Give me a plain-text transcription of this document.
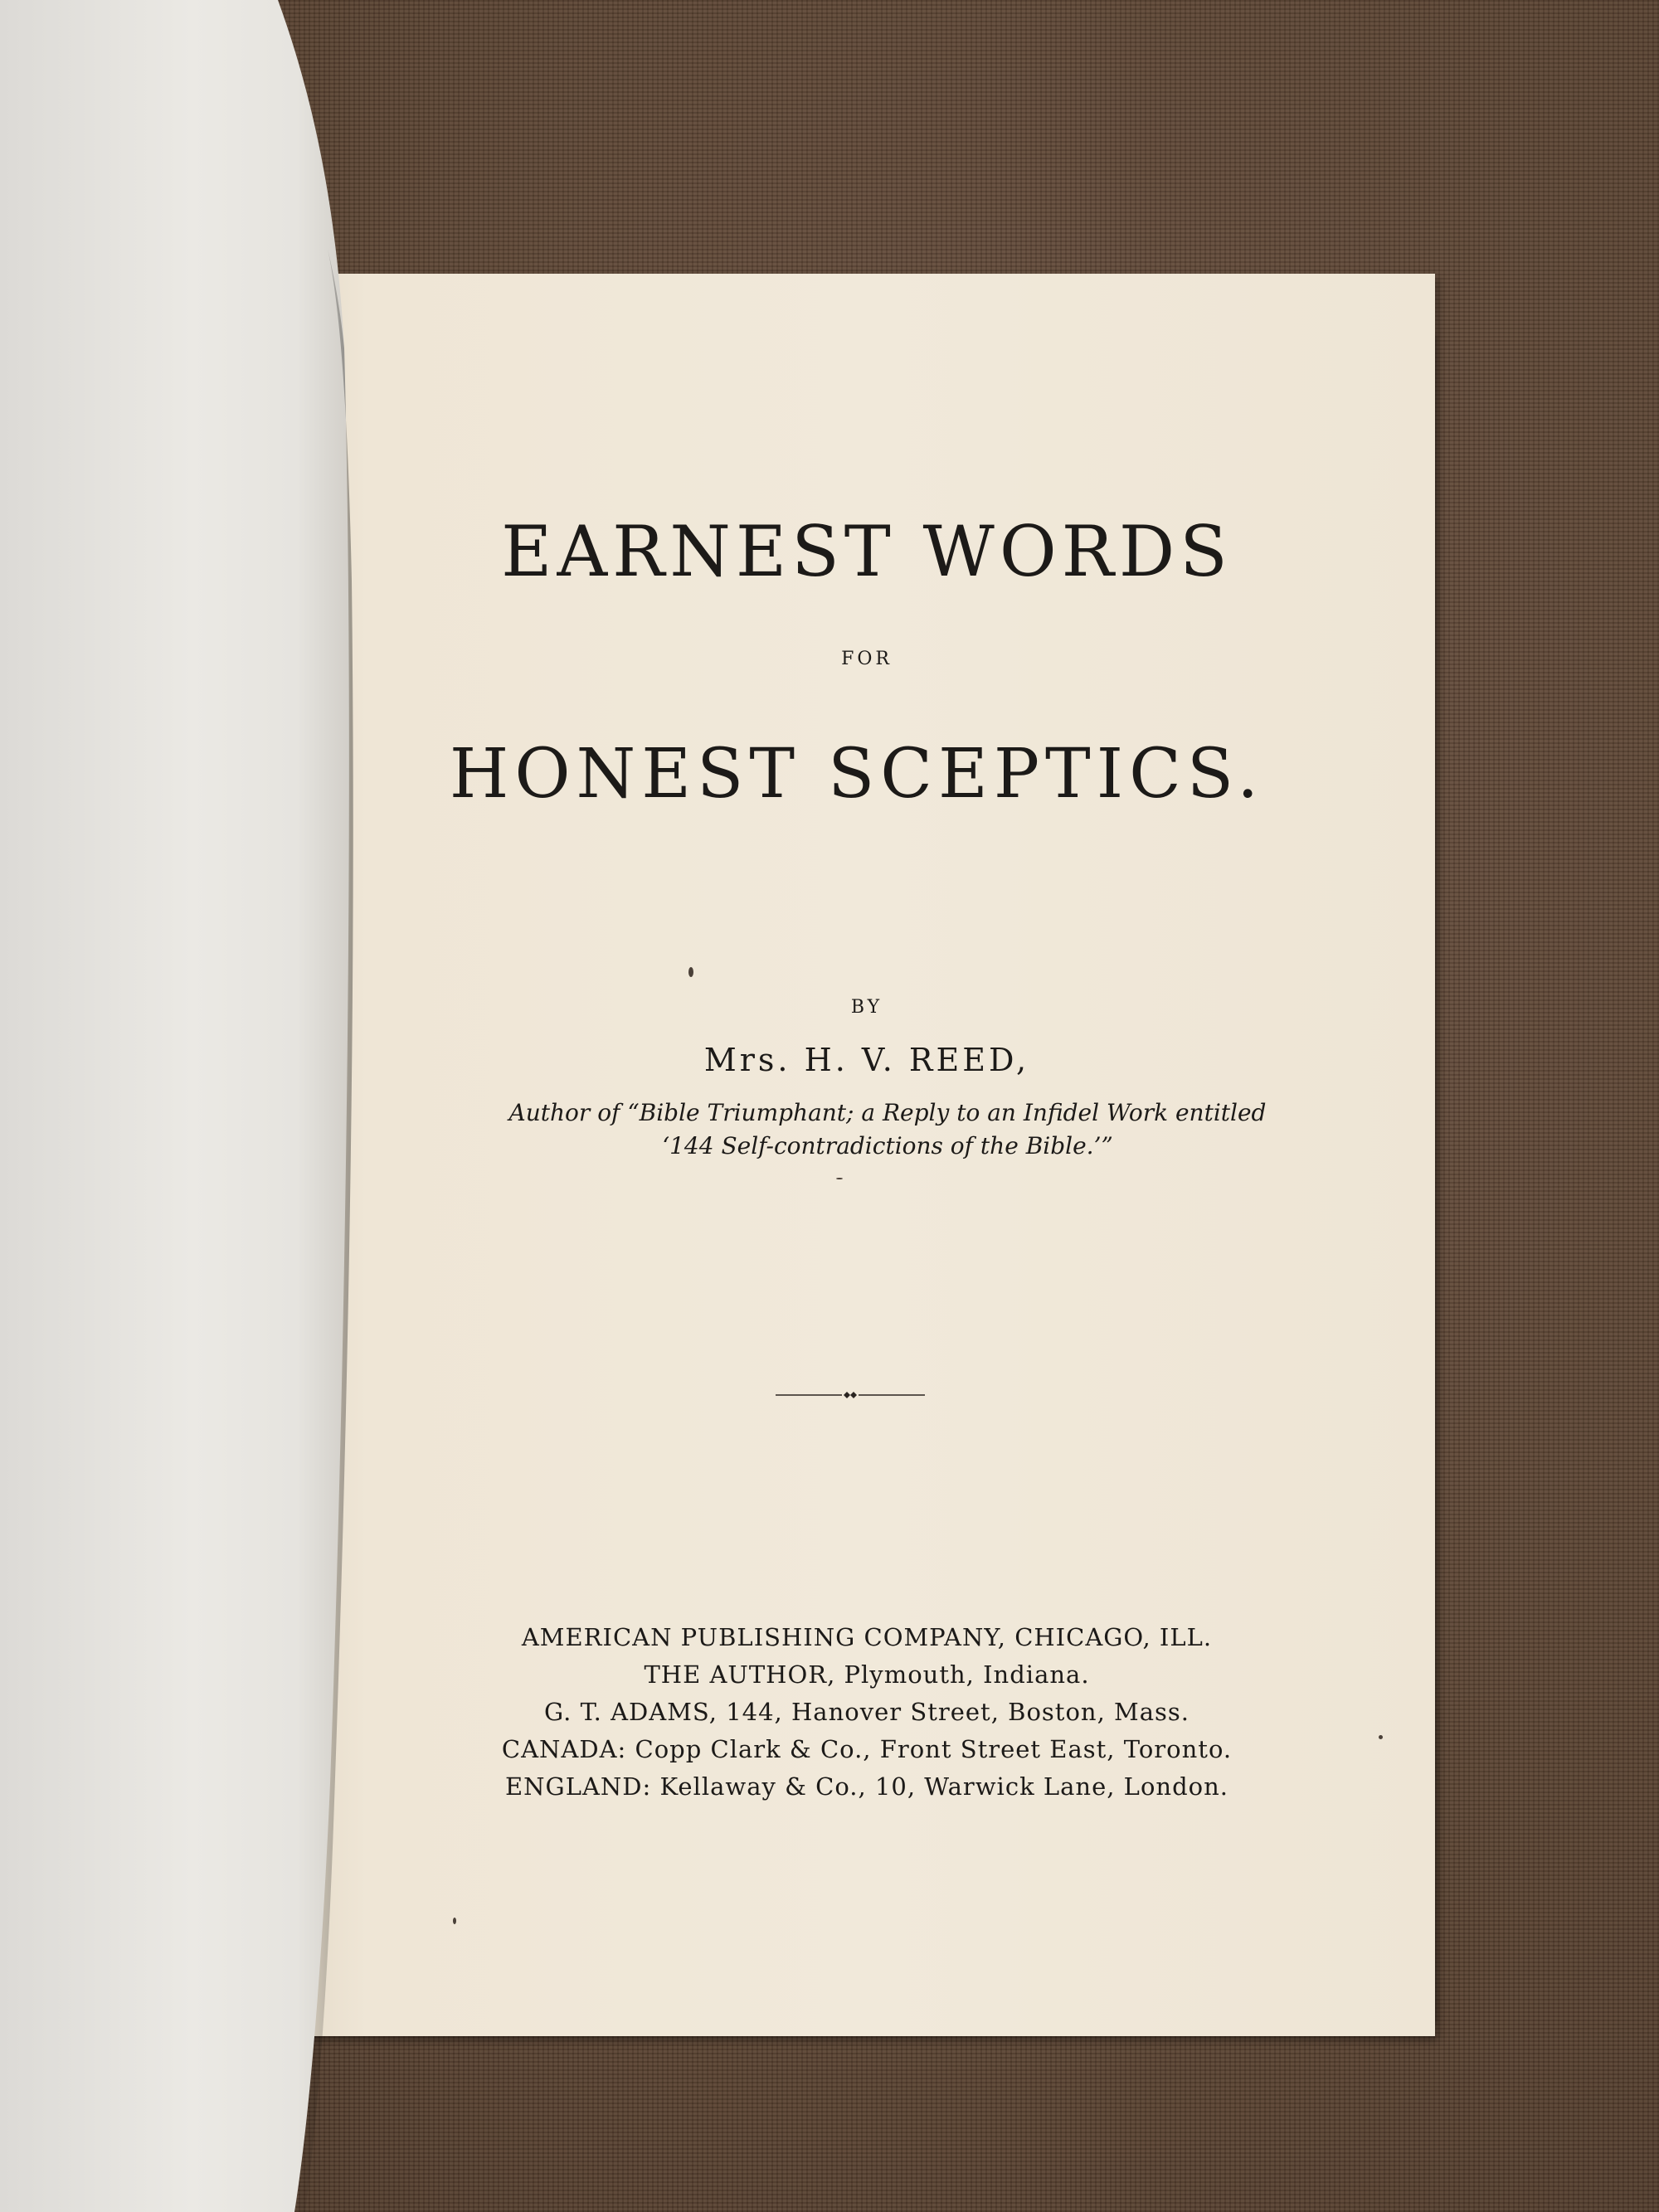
EARNEST WORDS
FOR
HONEST SCEPTICS.
BY
Mrs. H. V. REED,
Author of “Bible Triumphant; a Reply to an Infidel Work entitled
‘144 Self-contradictions of the Bible.’”
AMERICAN PUBLISHING COMPANY, CHICAGO, ILL.
THE AUTHOR, Plymouth, Indiana.
G. T. ADAMS, 144, Hanover Street, Boston, Mass.
CANADA: Copp Clark & Co., Front Street East, Toronto.
ENGLAND: Kellaway & Co., 10, Warwick Lane, London.
